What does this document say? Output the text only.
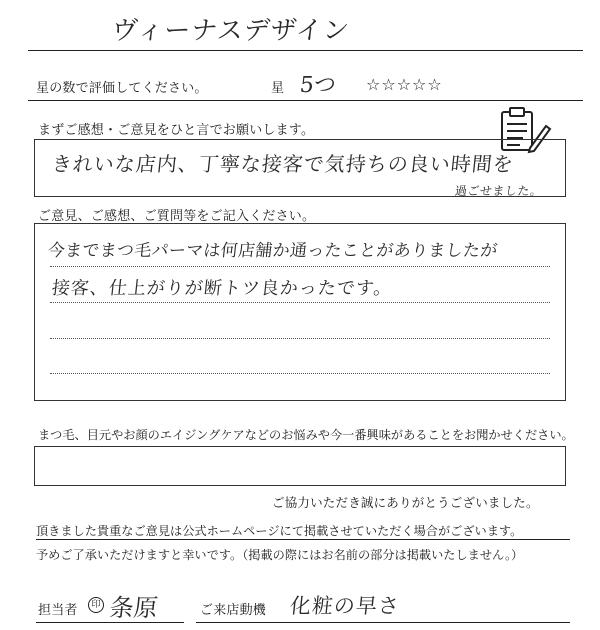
ヴィーナスデザイン
星の数で評価してください。	星 5つ ☆☆☆☆☆
まずご感想・ご意見をひと言でお願いします。
きれいな店内、丁寧な接客で気持ちの良い時間を
過ごせました。
ご意見、ご感想、ご質問等をご記入ください。
今までまつ毛パーマは何店舗か通ったことがありましたが
接客、仕上がりが断トツ良かったです。
まつ毛、目元やお顔のエイジングケアなどのお悩みや今一番興味があることをお聞かせください。
ご協力いただき誠にありがとうございました。
頂きました貴重なご意見は公式ホームページにて掲載させていただく場合がございます。
予めご了承いただけますと幸いです。（掲載の際にはお名前の部分は掲載いたしません。）
担当者	印 条原	ご来店動機 化粧の早さ
